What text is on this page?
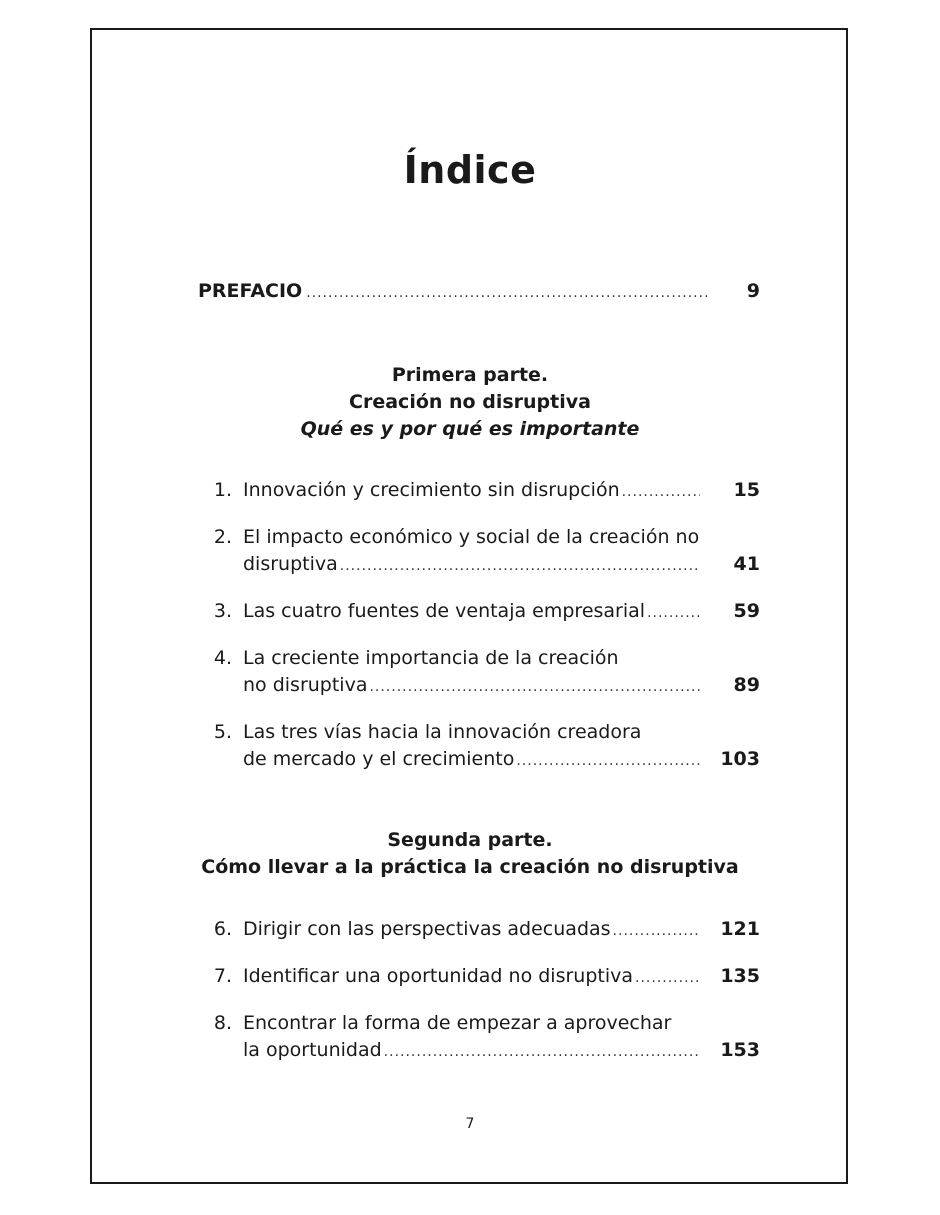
Índice
PREFACIO .....	9
Primera parte.
Creación no disruptiva
Qué es y por qué es importante
1. Innovación y crecimiento sin disrupción .....	15
2. El impacto económico y social de la creación no
disruptiva .....	41
3. Las cuatro fuentes de ventaja empresarial .....	59
4. La creciente importancia de la creación
no disruptiva .....	89
5. Las tres vías hacia la innovación creadora
de mercado y el crecimiento .....	103
Segunda parte.
Cómo llevar a la práctica la creación no disruptiva
6. Dirigir con las perspectivas adecuadas .....	121
7. Identificar una oportunidad no disruptiva .....	135
8. Encontrar la forma de empezar a aprovechar
la oportunidad .....	153
7
